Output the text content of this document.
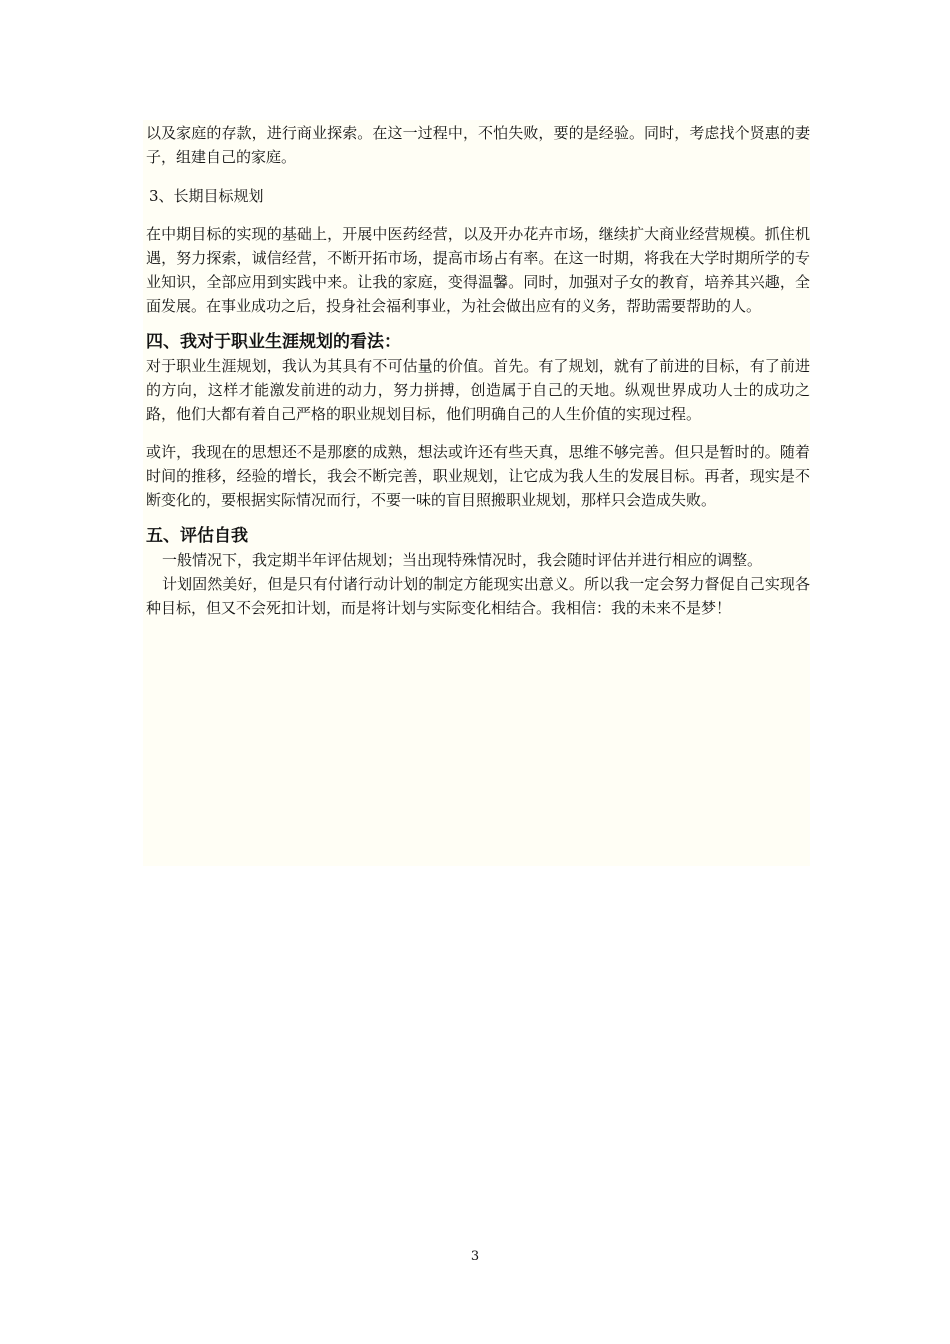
以及家庭的存款，进行商业探索。在这一过程中，不怕失败，要的是经验。同时，考虑找个贤惠的妻子，组建自己的家庭。

3、长期目标规划

在中期目标的实现的基础上，开展中医药经营，以及开办花卉市场，继续扩大商业经营规模。抓住机遇，努力探索，诚信经营，不断开拓市场，提高市场占有率。在这一时期，将我在大学时期所学的专业知识，全部应用到实践中来。让我的家庭，变得温馨。同时，加强对子女的教育，培养其兴趣，全面发展。在事业成功之后，投身社会福利事业，为社会做出应有的义务，帮助需要帮助的人。

四、我对于职业生涯规划的看法：

对于职业生涯规划，我认为其具有不可估量的价值。首先。有了规划，就有了前进的目标，有了前进的方向，这样才能激发前进的动力，努力拼搏，创造属于自己的天地。纵观世界成功人士的成功之路，他们大都有着自己严格的职业规划目标，他们明确自己的人生价值的实现过程。

或许，我现在的思想还不是那麽的成熟，想法或许还有些天真，思维不够完善。但只是暂时的。随着时间的推移，经验的增长，我会不断完善，职业规划，让它成为我人生的发展目标。再者，现实是不断变化的，要根据实际情况而行，不要一味的盲目照搬职业规划，那样只会造成失败。

五、评估自我

一般情况下，我定期半年评估规划；当出现特殊情况时，我会随时评估并进行相应的调整。

计划固然美好，但是只有付诸行动计划的制定方能现实出意义。所以我一定会努力督促自己实现各种目标，但又不会死扣计划，而是将计划与实际变化相结合。我相信：我的未来不是梦！

3
